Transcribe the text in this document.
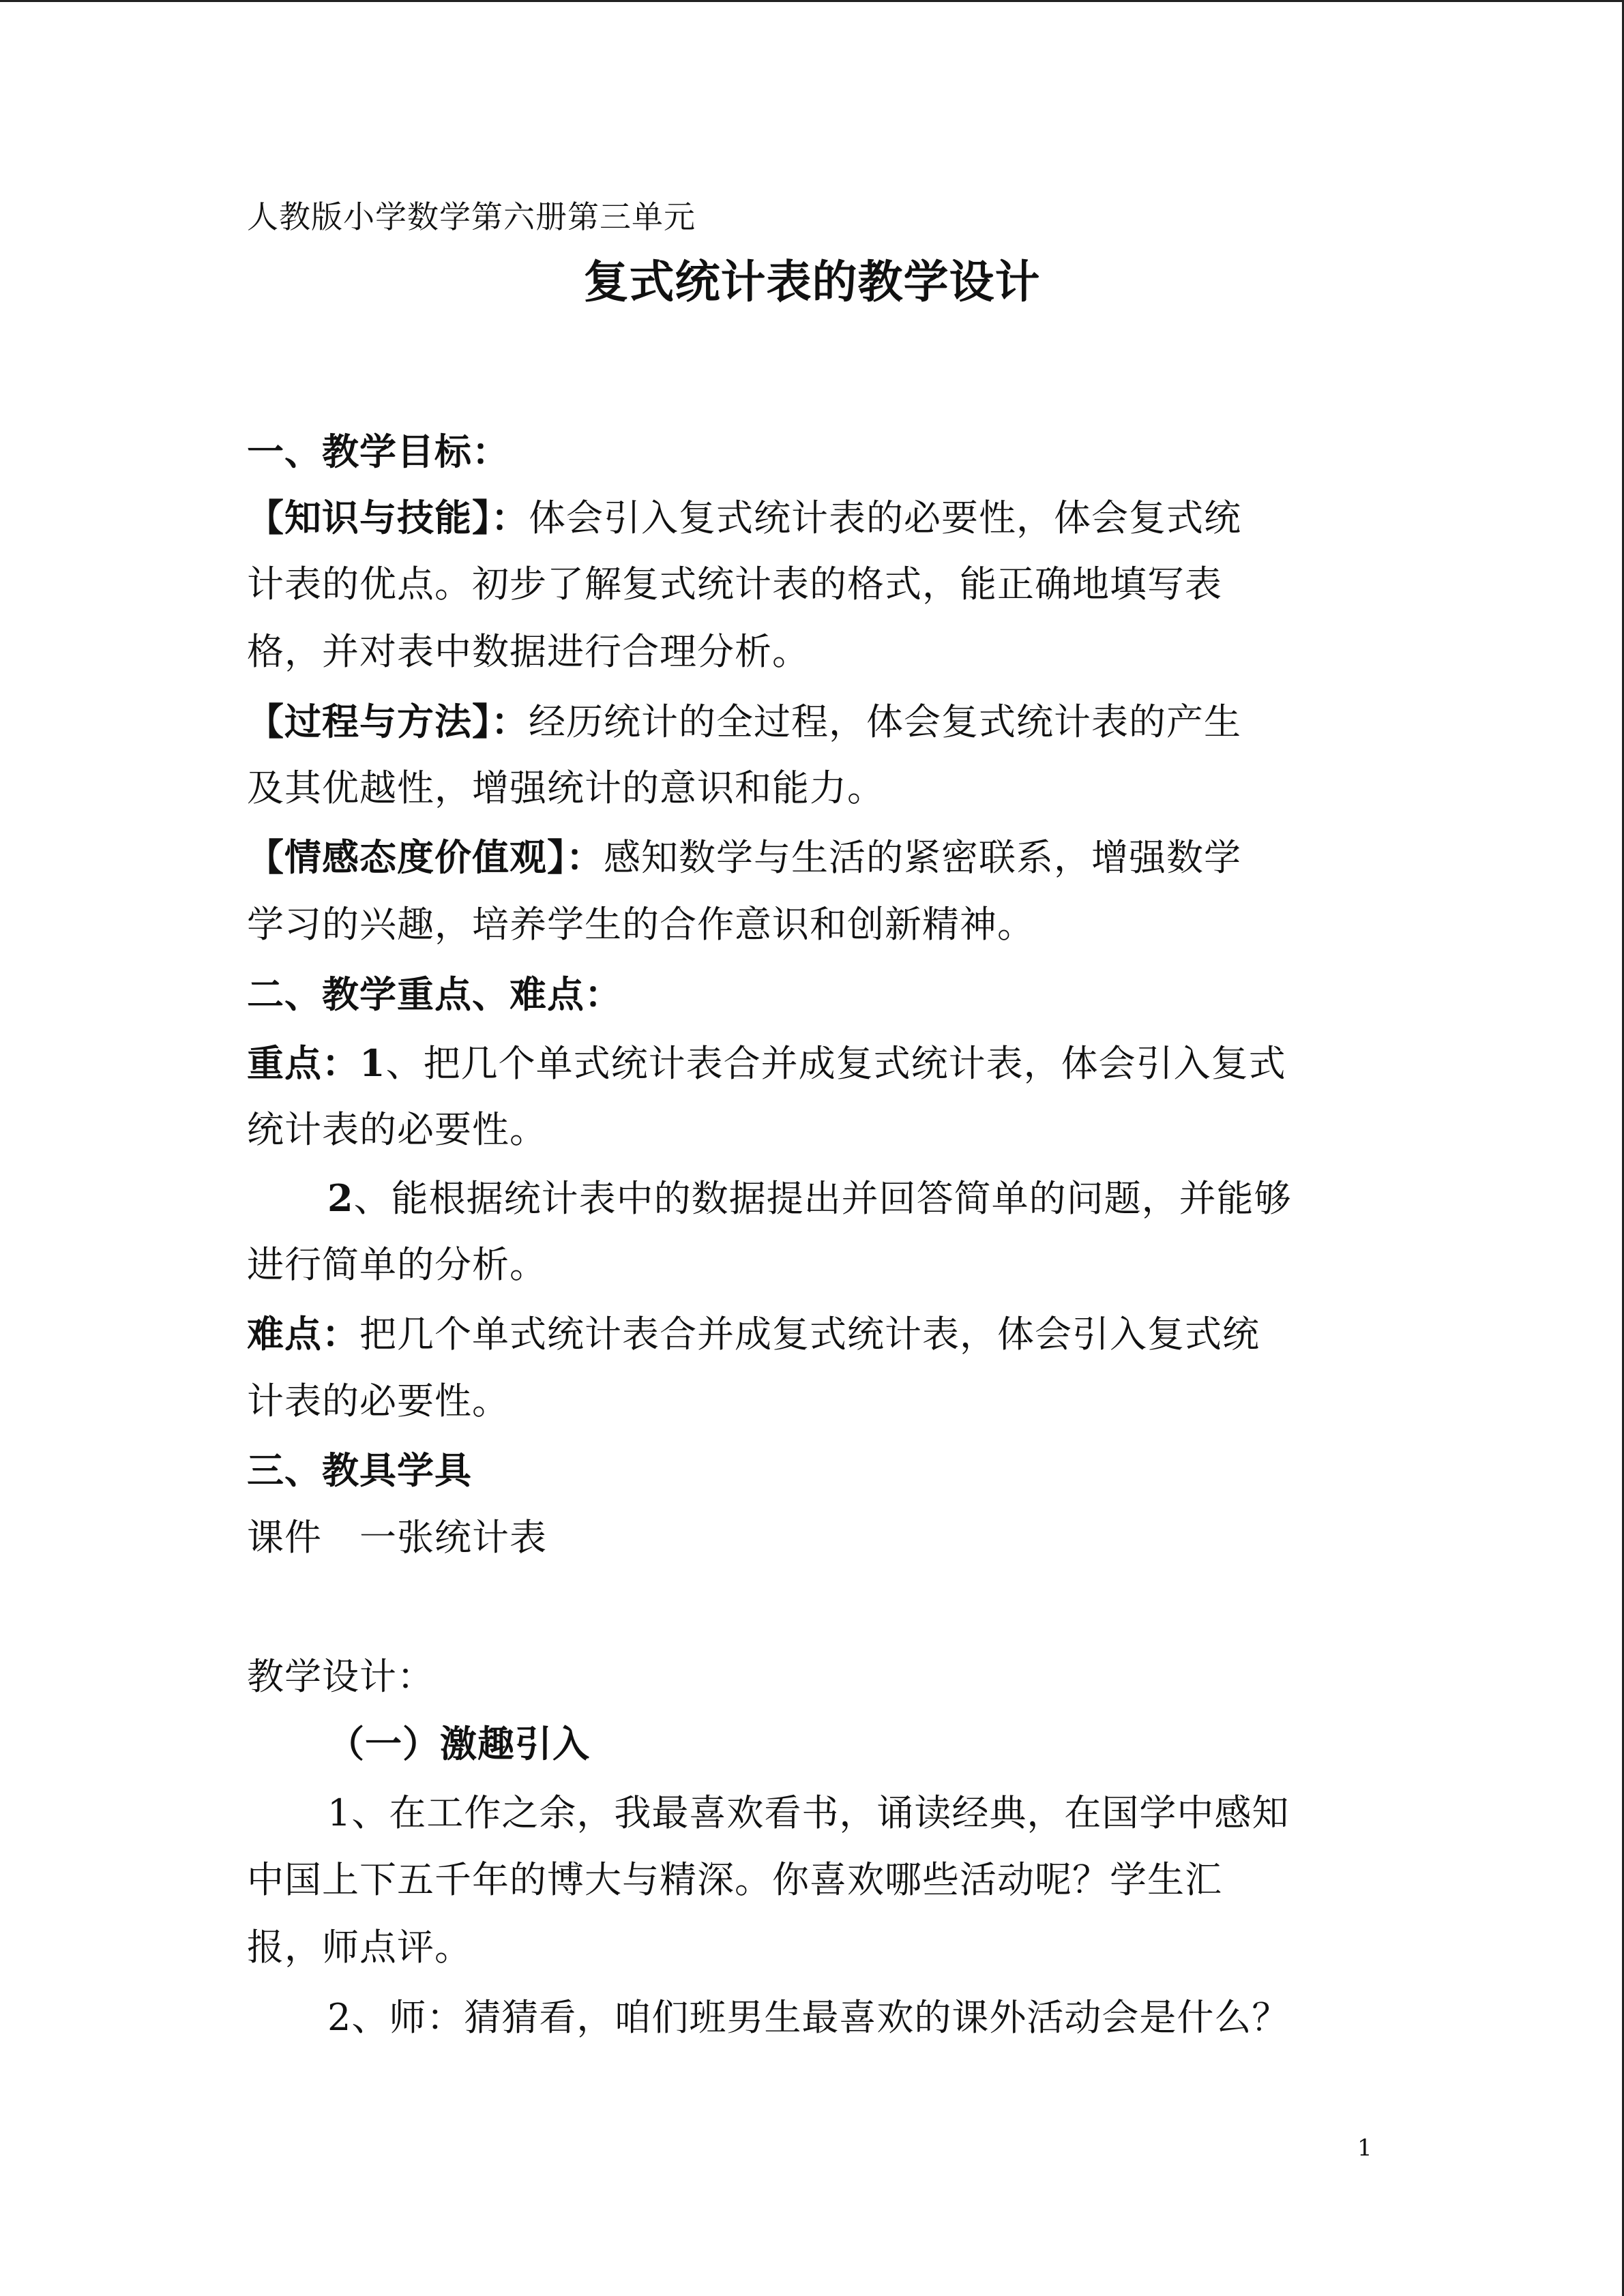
人教版小学数学第六册第三单元
复式统计表的教学设计
一、教学目标：
【知识与技能】：体会引入复式统计表的必要性，体会复式统
计表的优点。初步了解复式统计表的格式，能正确地填写表
格，并对表中数据进行合理分析。
【过程与方法】：经历统计的全过程，体会复式统计表的产生
及其优越性，增强统计的意识和能力。
【情感态度价值观】：感知数学与生活的紧密联系，增强数学
学习的兴趣，培养学生的合作意识和创新精神。
二、教学重点、难点：
重点：1、把几个单式统计表合并成复式统计表，体会引入复式
统计表的必要性。
2、能根据统计表中的数据提出并回答简单的问题，并能够
进行简单的分析。
难点：把几个单式统计表合并成复式统计表，体会引入复式统
计表的必要性。
三、教具学具
课件　一张统计表
教学设计：
（一）激趣引入
1、在工作之余，我最喜欢看书，诵读经典，在国学中感知
中国上下五千年的博大与精深。你喜欢哪些活动呢？学生汇
报，师点评。
2、师：猜猜看，咱们班男生最喜欢的课外活动会是什么？
1
